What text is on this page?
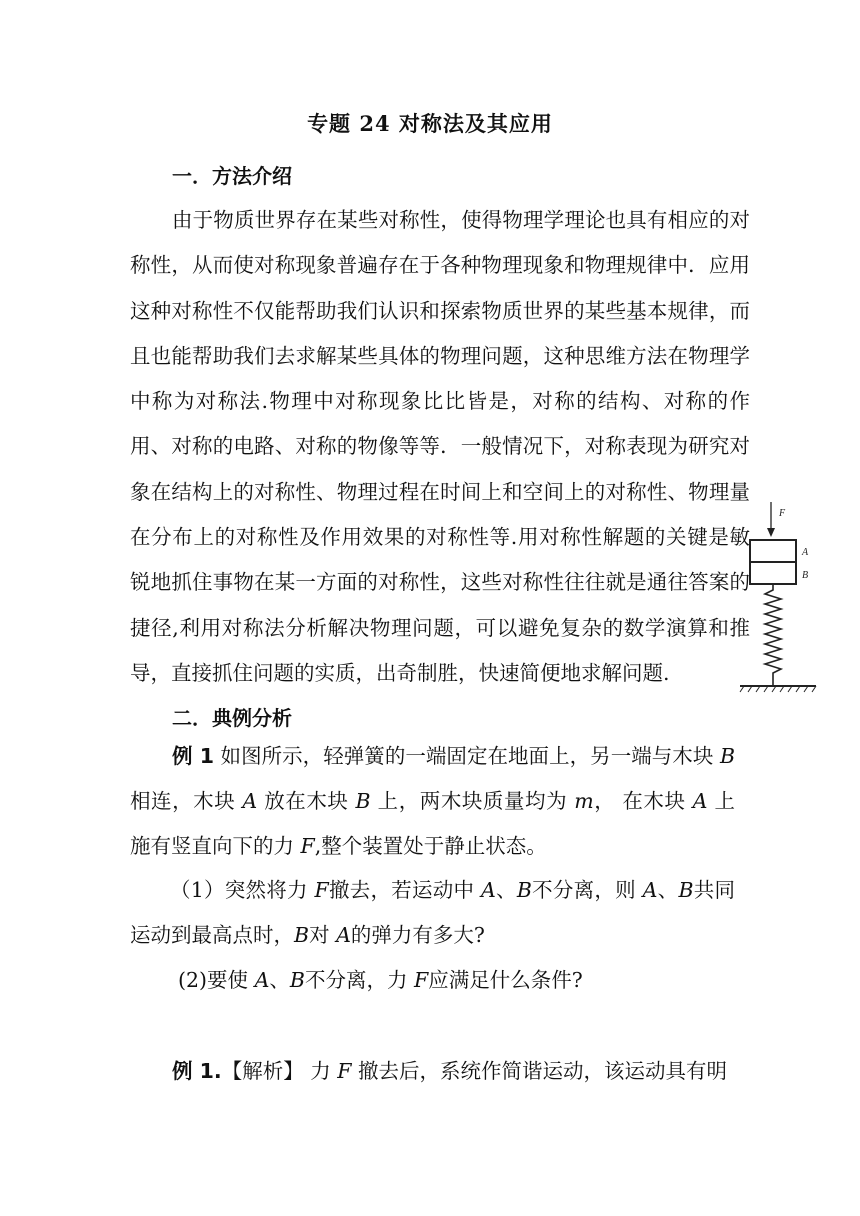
专题 24 对称法及其应用
一．方法介绍

由于物质世界存在某些对称性，使得物理学理论也具有相应的对称性，从而使对称现象普遍存在于各种物理现象和物理规律中．应用这种对称性不仅能帮助我们认识和探索物质世界的某些基本规律，而且也能帮助我们去求解某些具体的物理问题，这种思维方法在物理学中称为对称法.物理中对称现象比比皆是，对称的结构、对称的作用、对称的电路、对称的物像等等．一般情况下，对称表现为研究对象在结构上的对称性、物理过程在时间上和空间上的对称性、物理量在分布上的对称性及作用效果的对称性等.用对称性解题的关键是敏锐地抓住事物在某一方面的对称性，这些对称性往往就是通往答案的捷径,利用对称法分析解决物理问题，可以避免复杂的数学演算和推导，直接抓住问题的实质，出奇制胜，快速简便地求解问题.

二．典例分析

例 1 如图所示，轻弹簧的一端固定在地面上，另一端与木块 B相连，木块 A 放在木块 B 上，两木块质量均为 m， 在木块 A 上施有竖直向下的力 F,整个装置处于静止状态。

（1）突然将力 F撤去，若运动中 A、B不分离，则 A、B共同运动到最高点时，B对 A的弹力有多大?

(2)要使 A、B不分离，力 F应满足什么条件?

例 1.【解析】 力 F 撤去后，系统作简谐运动，该运动具有明

F
A
B
